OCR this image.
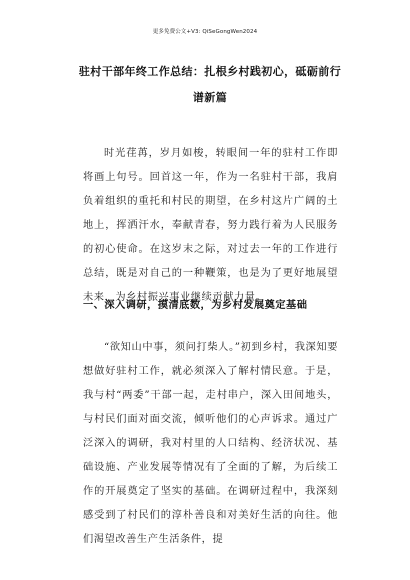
更多免费公文+V3: QiSeGongWen2024
驻村干部年终工作总结：扎根乡村践初心，砥砺前行谱新篇

时光荏苒，岁月如梭，转眼间一年的驻村工作即将画上句号。回首这一年，作为一名驻村干部，我肩负着组织的重托和村民的期望，在乡村这片广阔的土地上，挥洒汗水，奉献青春，努力践行着为人民服务的初心使命。在这岁末之际，对过去一年的工作进行总结，既是对自己的一种鞭策，也是为了更好地展望未来，为乡村振兴事业继续贡献力量。

一、深入调研，摸清底数，为乡村发展奠定基础

“欲知山中事，须问打柴人。”初到乡村，我深知要想做好驻村工作，就必须深入了解村情民意。于是，我与村“两委”干部一起，走村串户，深入田间地头，与村民们面对面交流，倾听他们的心声诉求。通过广泛深入的调研，我对村里的人口结构、经济状况、基础设施、产业发展等情况有了全面的了解，为后续工作的开展奠定了坚实的基础。在调研过程中，我深刻感受到了村民们的淳朴善良和对美好生活的向往。他们渴望改善生产生活条件，提
